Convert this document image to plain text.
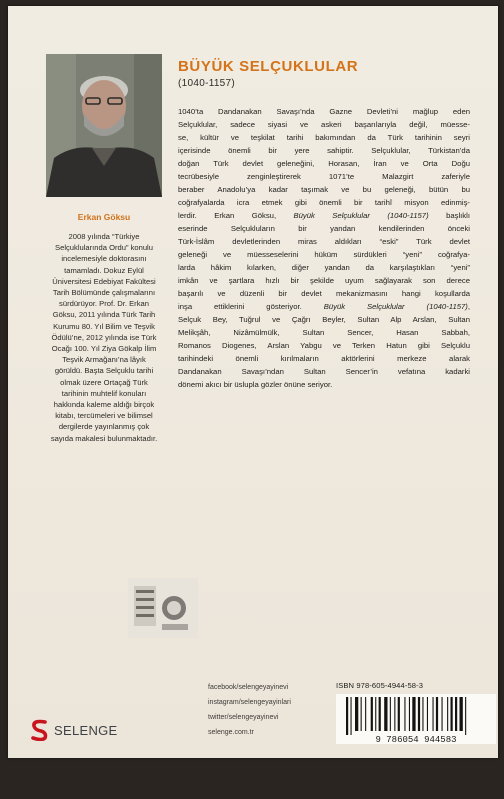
Erkan Göksu
2008 yılında “Türkiye
Selçuklularında Ordu” konulu
incelemesiyle doktorasını
tamamladı. Dokuz Eylül
Üniversitesi Edebiyat Fakültesi
Tarih Bölümünde çalışmalarını
sürdürüyor. Prof. Dr. Erkan
Göksu, 2011 yılında Türk Tarih
Kurumu 80. Yıl Bilim ve Teşvik
Ödülü’ne, 2012 yılında ise Türk
Ocağı 100. Yıl Ziya Gökalp İlim
Teşvik Armağanı’na lâyık
görüldü. Başta Selçuklu tarihi
olmak üzere Ortaçağ Türk
tarihinin muhtelif konuları
hakkında kaleme aldığı birçok
kitabı, tercümeleri ve bilimsel
dergilerde yayınlanmış çok
sayıda makalesi bulunmaktadır.
BÜYÜK SELÇUKLULAR
(1040-1157)
1040’ta Dandanakan Savaşı’nda Gazne Devleti’ni mağlup eden
Selçuklular, sadece siyasi ve askeri başarılarıyla değil, müesse-
se, kültür ve teşkilat tarihi bakımından da Türk tarihinin seyri
içerisinde önemli bir yere sahiptir. Selçuklular, Türkistan’da
doğan Türk devlet geleneğini, Horasan, İran ve Orta Doğu
tecrübesiyle zenginleştirerek 1071’te Malazgirt zaferiyle
beraber Anadolu’ya kadar taşımak ve bu geleneği, bütün bu
coğrafyalarda icra etmek gibi önemli bir tarihî misyon edinmiş-
lerdir. Erkan Göksu, Büyük Selçuklular (1040-1157) başlıklı
eserinde Selçukluların bir yandan kendilerinden önceki
Türk-İslâm devletlerinden miras aldıkları “eski” Türk devlet
geleneği ve müesseselerini hüküm sürdükleri “yeni” coğrafya-
larda hâkim kılarken, diğer yandan da karşılaştıkları “yeni”
imkân ve şartlara hızlı bir şekilde uyum sağlayarak son derece
başarılı ve düzenli bir devlet mekanizmasını hangi koşullarda
inşa ettiklerini gösteriyor. Büyük Selçuklular (1040-1157),
Selçuk Bey, Tuğrul ve Çağrı Beyler, Sultan Alp Arslan, Sultan
Melikşâh, Nizâmülmülk, Sultan Sencer, Hasan Sabbah,
Romanos Diogenes, Arslan Yabgu ve Terken Hatun gibi Selçuklu
tarihindeki önemli kırılmaların aktörlerini merkeze alarak
Dandanakan Savaşı’ndan Sultan Sencer’in vefatına kadarki
dönemi akıcı bir üslupla gözler önüne seriyor.
SELENGE
facebook/selengeyayinevi
instagram/selengeyayinlari
twitter/selengeyayinevi
selenge.com.tr
ISBN 978-605-4944-58-3
9 786054 944583
